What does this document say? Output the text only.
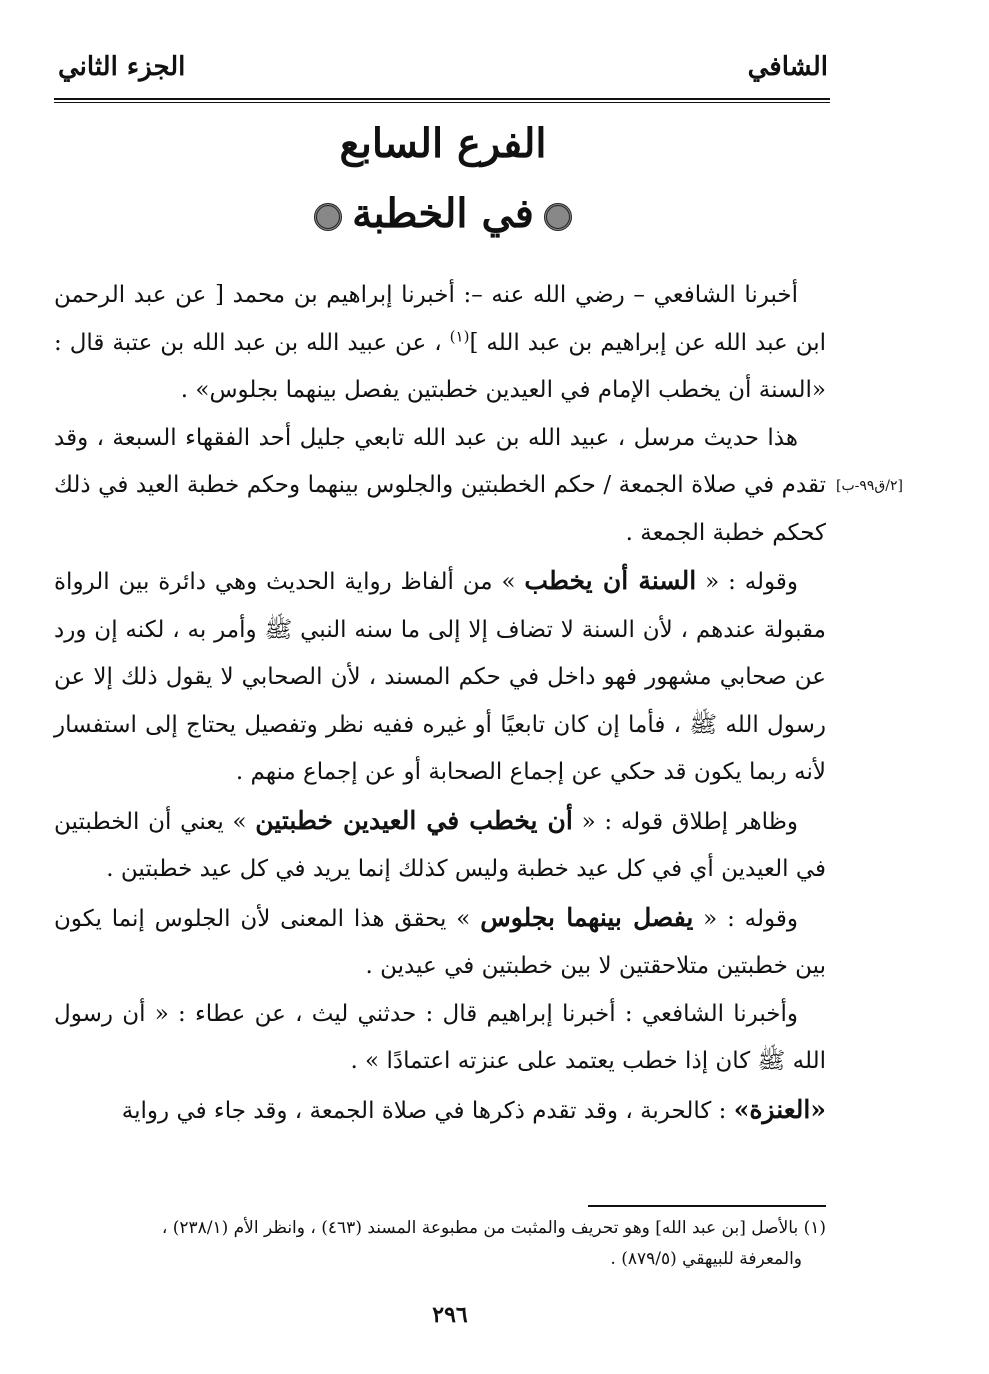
الشافي
الجزء الثاني
الفرع السابع
في الخطبة
[٢/ق٩٩-ب]

أخبرنا الشافعي – رضي الله عنه –: أخبرنا إبراهيم بن محمد [ عن عبد الرحمن ابن عبد الله عن إبراهيم بن عبد الله ]$^{(١)}$ ، عن عبيد الله بن عبد الله بن عتبة قال : «السنة أن يخطب الإمام في العيدين خطبتين يفصل بينهما بجلوس» .

هذا حديث مرسل ، عبيد الله بن عبد الله تابعي جليل أحد الفقهاء السبعة ، وقد تقدم في صلاة الجمعة / حكم الخطبتين والجلوس بينهما وحكم خطبة العيد في ذلك كحكم خطبة الجمعة .

وقوله : « السنة أن يخطب » من ألفاظ رواية الحديث وهي دائرة بين الرواة مقبولة عندهم ، لأن السنة لا تضاف إلا إلى ما سنه النبي ﷺ وأمر به ، لكنه إن ورد عن صحابي مشهور فهو داخل في حكم المسند ، لأن الصحابي لا يقول ذلك إلا عن رسول الله ﷺ ، فأما إن كان تابعيًا أو غيره ففيه نظر وتفصيل يحتاج إلى استفسار لأنه ربما يكون قد حكي عن إجماع الصحابة أو عن إجماع منهم .

وظاهر إطلاق قوله : « أن يخطب في العيدين خطبتين » يعني أن الخطبتين في العيدين أي في كل عيد خطبة وليس كذلك إنما يريد في كل عيد خطبتين .

وقوله : « يفصل بينهما بجلوس » يحقق هذا المعنى لأن الجلوس إنما يكون بين خطبتين متلاحقتين لا بين خطبتين في عيدين .

وأخبرنا الشافعي : أخبرنا إبراهيم قال : حدثني ليث ، عن عطاء : « أن رسول الله ﷺ كان إذا خطب يعتمد على عنزته اعتمادًا » .

«العنزة» : كالحربة ، وقد تقدم ذكرها في صلاة الجمعة ، وقد جاء في رواية

(١) بالأصل [بن عبد الله] وهو تحريف والمثبت من مطبوعة المسند (٤٦٣) ، وانظر الأم (٢٣٨/١) ،

والمعرفة للبيهقي (٨٧٩/٥) .

٢٩٦
